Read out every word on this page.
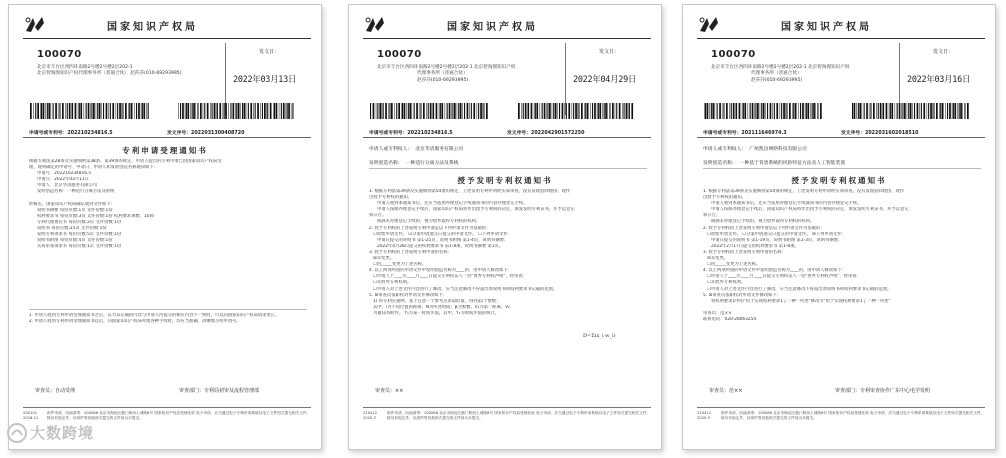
国家知识产权局
100070
北京市丰台区西四环南路2号楼2号楼2层202-1
北京智淘图知识产权代理事务所（普通合伙） 赵莎莎(010-69293995)
发文日：
2022年03月13日
申请号或专利号：202210234816.5	发文序号：2022031300408720
专利申请受理通知书
根据专利法第28条及实施细则第38条、第39条的规定，申请人提出的专利申请已由国家知识产权局受
理，现将确定的申请号、申请日、申请人和发明创造名称通知如下：
申请号：202210234816.5
申请日：2022年03月11日
申请人：北京华清服务有限公司
发明创造名称：一种适行分离方法及系统

经核实，国家知识产权局确认收到文件如下：
说明书摘要 每份页数:1页 文件份数:1份
权利要求书 每份页数:3页 文件份数:1份 权利要求项数：10项
专利代理委托书 每份页数:2页 文件份数:1份
说明书 每份页数:25页 文件份数:1份
发明专利请求书 每份页数:5页 文件份数:1份
说明书附图 每份页数:4页 文件份数:1份
实质审查请求书 每份页数:1页 文件份数:1份
1. 申请人收到专利申请受理通知书之后，认为其记载的内容与申请人所提交的相应内容不一致时，可以向国家知识产权局请求更正。
2. 申请人收到专利申请受理通知书以后，向国家知识产权局办理各种手续时，均应当准确、清晰地写明申请号。
审查员：自动受理	审查部门：专利局初审及流程管理部
200101
2018.11
纸件申请，回函请寄：100088 北京市海淀区蓟门桥西土城路6号 国家知识产权局受理处收 电子申请，应当通过电子专利申请系统以电子文件形式提交相关文件，除另有规定外，以纸件等其他形式提交的文件视为未提交。
国家知识产权局
100070
北京市丰台区西四环南路2号楼2号楼2层202-1 北京智淘图知识产权
代理事务所（普通合伙）
赵莎莎(010-69293995)
发文日：
2022年04月29日
申请号或专利号：202210234816.5	发文序号：2022042901572250
申请人或专利权人： 北京华清服务有限公司
发明创造名称： 一种适行分离方法及系统
授予发明专利权通知书
1. 根据专利法第39条及实施细则第54条的规定，上述发明专利申请经实质审查，没有发现驳回理由，现作
出授予专利权的通知。
申请人收到本通知书后，还应当依照办理登记手续通知书的内容办理登记手续。
申请人按期办理登记手续后，国家知识产权局将作出授予专利权的决定，颁发发明专利证书，并予以登记
和公告。
期满未办理登记手续的，视为放弃取得专利权的权利。
2. 授予专利权的上述发明专利申请是以下列申请文件为基础的：
☐原始申请文件。 ☑分案申请递交日提交的申请文件。 ☐下列申请文件：
申请日提交的说明书 第1-25页、说明书附图 第1-4页、说明书摘要；
2022年4月28日提交的权利要求书 第1-8项、说明书摘要 第1页。
3. 授予专利权的上述发明专利申请的名称：
☒未变更。
☐由_____变更为上述名称。
4. 以上两项所指的申请文件中发明创造名称为____的，由申请人修改如下：
☐申请人于____年____月____日提交专利权证人一份"放弃专利权声明"，经审查：
☐未放弃专利权利。
☐申请人对上述文件内容进行了修改，应当注意修改不得超出原说明书和权利要求书记载的范围。
5. ☒审查员依职权对申请文件修改如下：
1) 将专利实施例，基于任意一个参考点求取的量，得到第i个参数；
其中，i为不同位置的距离；N为所述时间；β为参数；V₁为第一距离；V₂
为通知书附件。 Y₁为某一时间步值，其中，Y₁为时间步值的统计。
D=Σ(x_i·w_i)
审查员：××
210412
2020.3
纸件申请，回函请寄：100088 北京市海淀区蓟门桥西土城路6号 国家知识产权局受理处收 电子申请，应当通过电子专利申请系统以电子文件形式提交相关文件，除另有规定外，以纸件等其他形式提交的文件视为未提交。
国家知识产权局
100070
北京市丰台区西四环南路2号楼2号楼2层202-1 北京智淘图知识产权
代理事务所（普通合伙）
赵莎莎(010-69293995)
发文日：
2022年03月16日
申请号或专利号：202111646974.3	发文序号：2022031602018510
申请人或专利权人： 广州凯昌网络科技有限公司
发明创造名称： 一种基于背景系统的风险特征方法及人工智能装置
授予发明专利权通知书
1. 根据专利法第39条及实施细则第54条的规定，上述发明专利申请经实质审查，没有发现驳回理由，现作
出授予专利权的通知。
申请人收到本通知书后，还应当依照办理登记手续通知书的内容办理登记手续。
申请人按期办理登记手续后，国家知识产权局将作出授予专利权的决定，颁发发明专利证书，并予以登记
和公告。
期满未办理登记手续的，视为放弃取得专利权的权利。
2. 授予专利权的上述发明专利申请是以下列申请文件为基础的：
☐原始申请文件。 ☐分案申请递交日提交的申请文件。 ☒下列申请文件：
申请日提交的说明书 第1-19页、说明书附图 第1-3页、说明书摘要；
2022年2月17日提交的权利要求书 第1-8项。
3. 授予专利权的上述发明专利申请的名称：
☒未变更。
☐由_____变更为上述名称。
4. 以上两项所指的申请文件中发明创造名称为____的，由申请人修改如下：
☐申请人于____年____月____日提交专利权证人一份"放弃专利权声明"，经审查：
☐未放弃专利权利。
☐申请人对上述文件内容进行了修改，应当注意修改不得超出原说明书和权利要求书记载的范围。
5. ☒审查员依职权对申请文件修改如下：
将权利要求1中的"用于实现权利要求1了一种一所述"修改为"用于实现权利要求1了一种一所述"

审查员：范××
联系电话：020-28063254
审查员：范××	审查部门：专利审查协作广东中心电学发明
210412
2020.3
纸件申请，回函请寄：100088 北京市海淀区蓟门桥西土城路6号 国家知识产权局受理处收 电子申请，应当通过电子专利申请系统以电子文件形式提交相关文件，除另有规定外，以纸件等其他形式提交的文件视为未提交。
大数跨境
